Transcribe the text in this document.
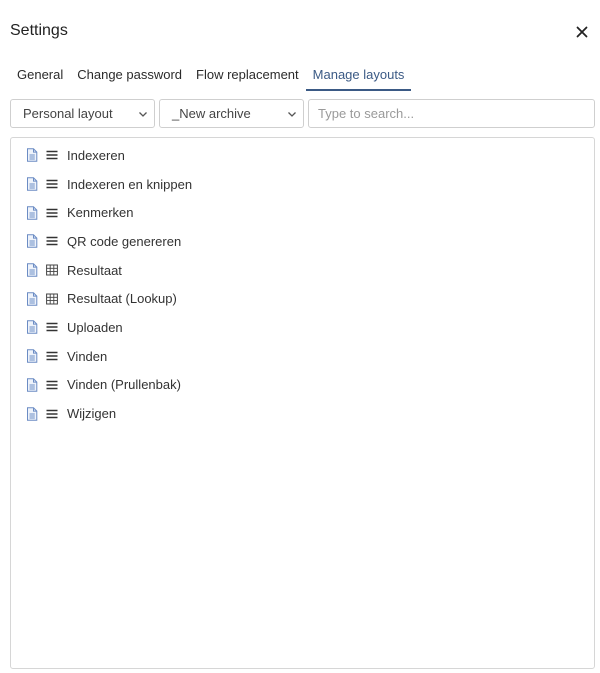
Settings
General	Change password	Flow replacement	Manage layouts
Personal layout	_New archive
Type to search...
Indexeren
Indexeren en knippen
Kenmerken
QR code genereren
Resultaat
Resultaat (Lookup)
Uploaden
Vinden
Vinden (Prullenbak)
Wijzigen
